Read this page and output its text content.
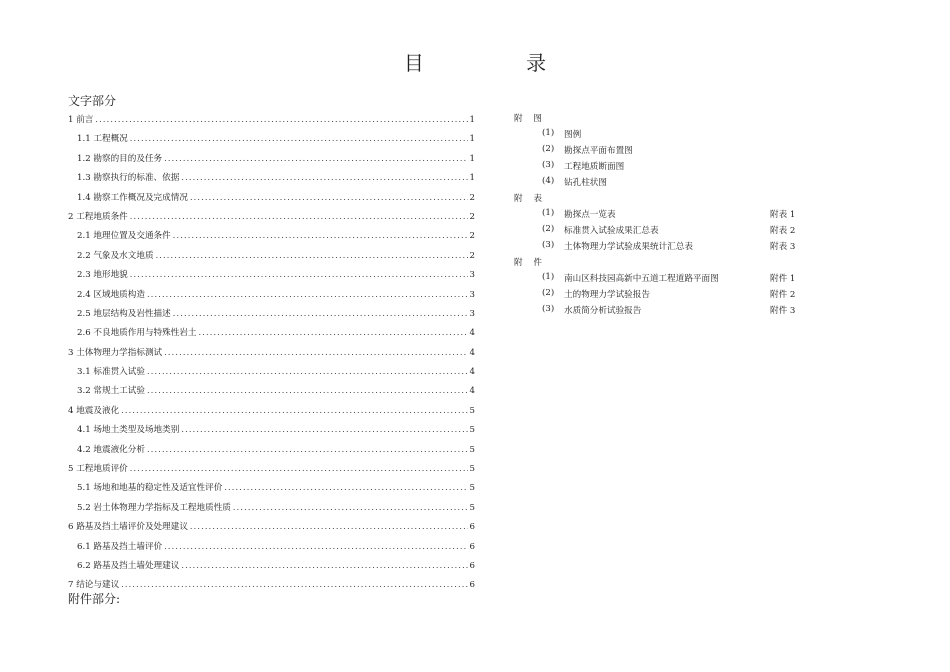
目 录
文字部分
1 前言 .....	1
1.1 工程概况 .....	1
1.2 勘察的目的及任务 .....	1
1.3 勘察执行的标准、依据 .....	1
1.4 勘察工作概况及完成情况 .....	2
2 工程地质条件 .....	2
2.1 地理位置及交通条件 .....	2
2.2 气象及水文地质 .....	2
2.3 地形地貌 .....	3
2.4 区域地质构造 .....	3
2.5 地层结构及岩性描述 .....	3
2.6 不良地质作用与特殊性岩土 .....	4
3 土体物理力学指标测试 .....	4
3.1 标准贯入试验 .....	4
3.2 常规土工试验 .....	4
4 地震及液化 .....	5
4.1 场地土类型及场地类别 .....	5
4.2 地震液化分析 .....	5
5 工程地质评价 .....	5
5.1 场地和地基的稳定性及适宜性评价 .....	5
5.2 岩土体物理力学指标及工程地质性质 .....	5
6 路基及挡土墙评价及处理建议 .....	6
6.1 路基及挡土墙评价 .....	6
6.2 路基及挡土墙处理建议 .....	6
7 结论与建议 .....	6
附件部分:
附 图
(1)	图例
(2)	勘探点平面布置图
(3)	工程地质断面图
(4)	钻孔柱状图
附 表
(1)	勘探点一览表	附表 1
(2)	标准贯入试验成果汇总表	附表 2
(3)	土体物理力学试验成果统计汇总表	附表 3
附 件
(1)	南山区科技园高新中五道工程道路平面图	附件 1
(2)	土的物理力学试验报告	附件 2
(3)	水质简分析试验报告	附件 3
